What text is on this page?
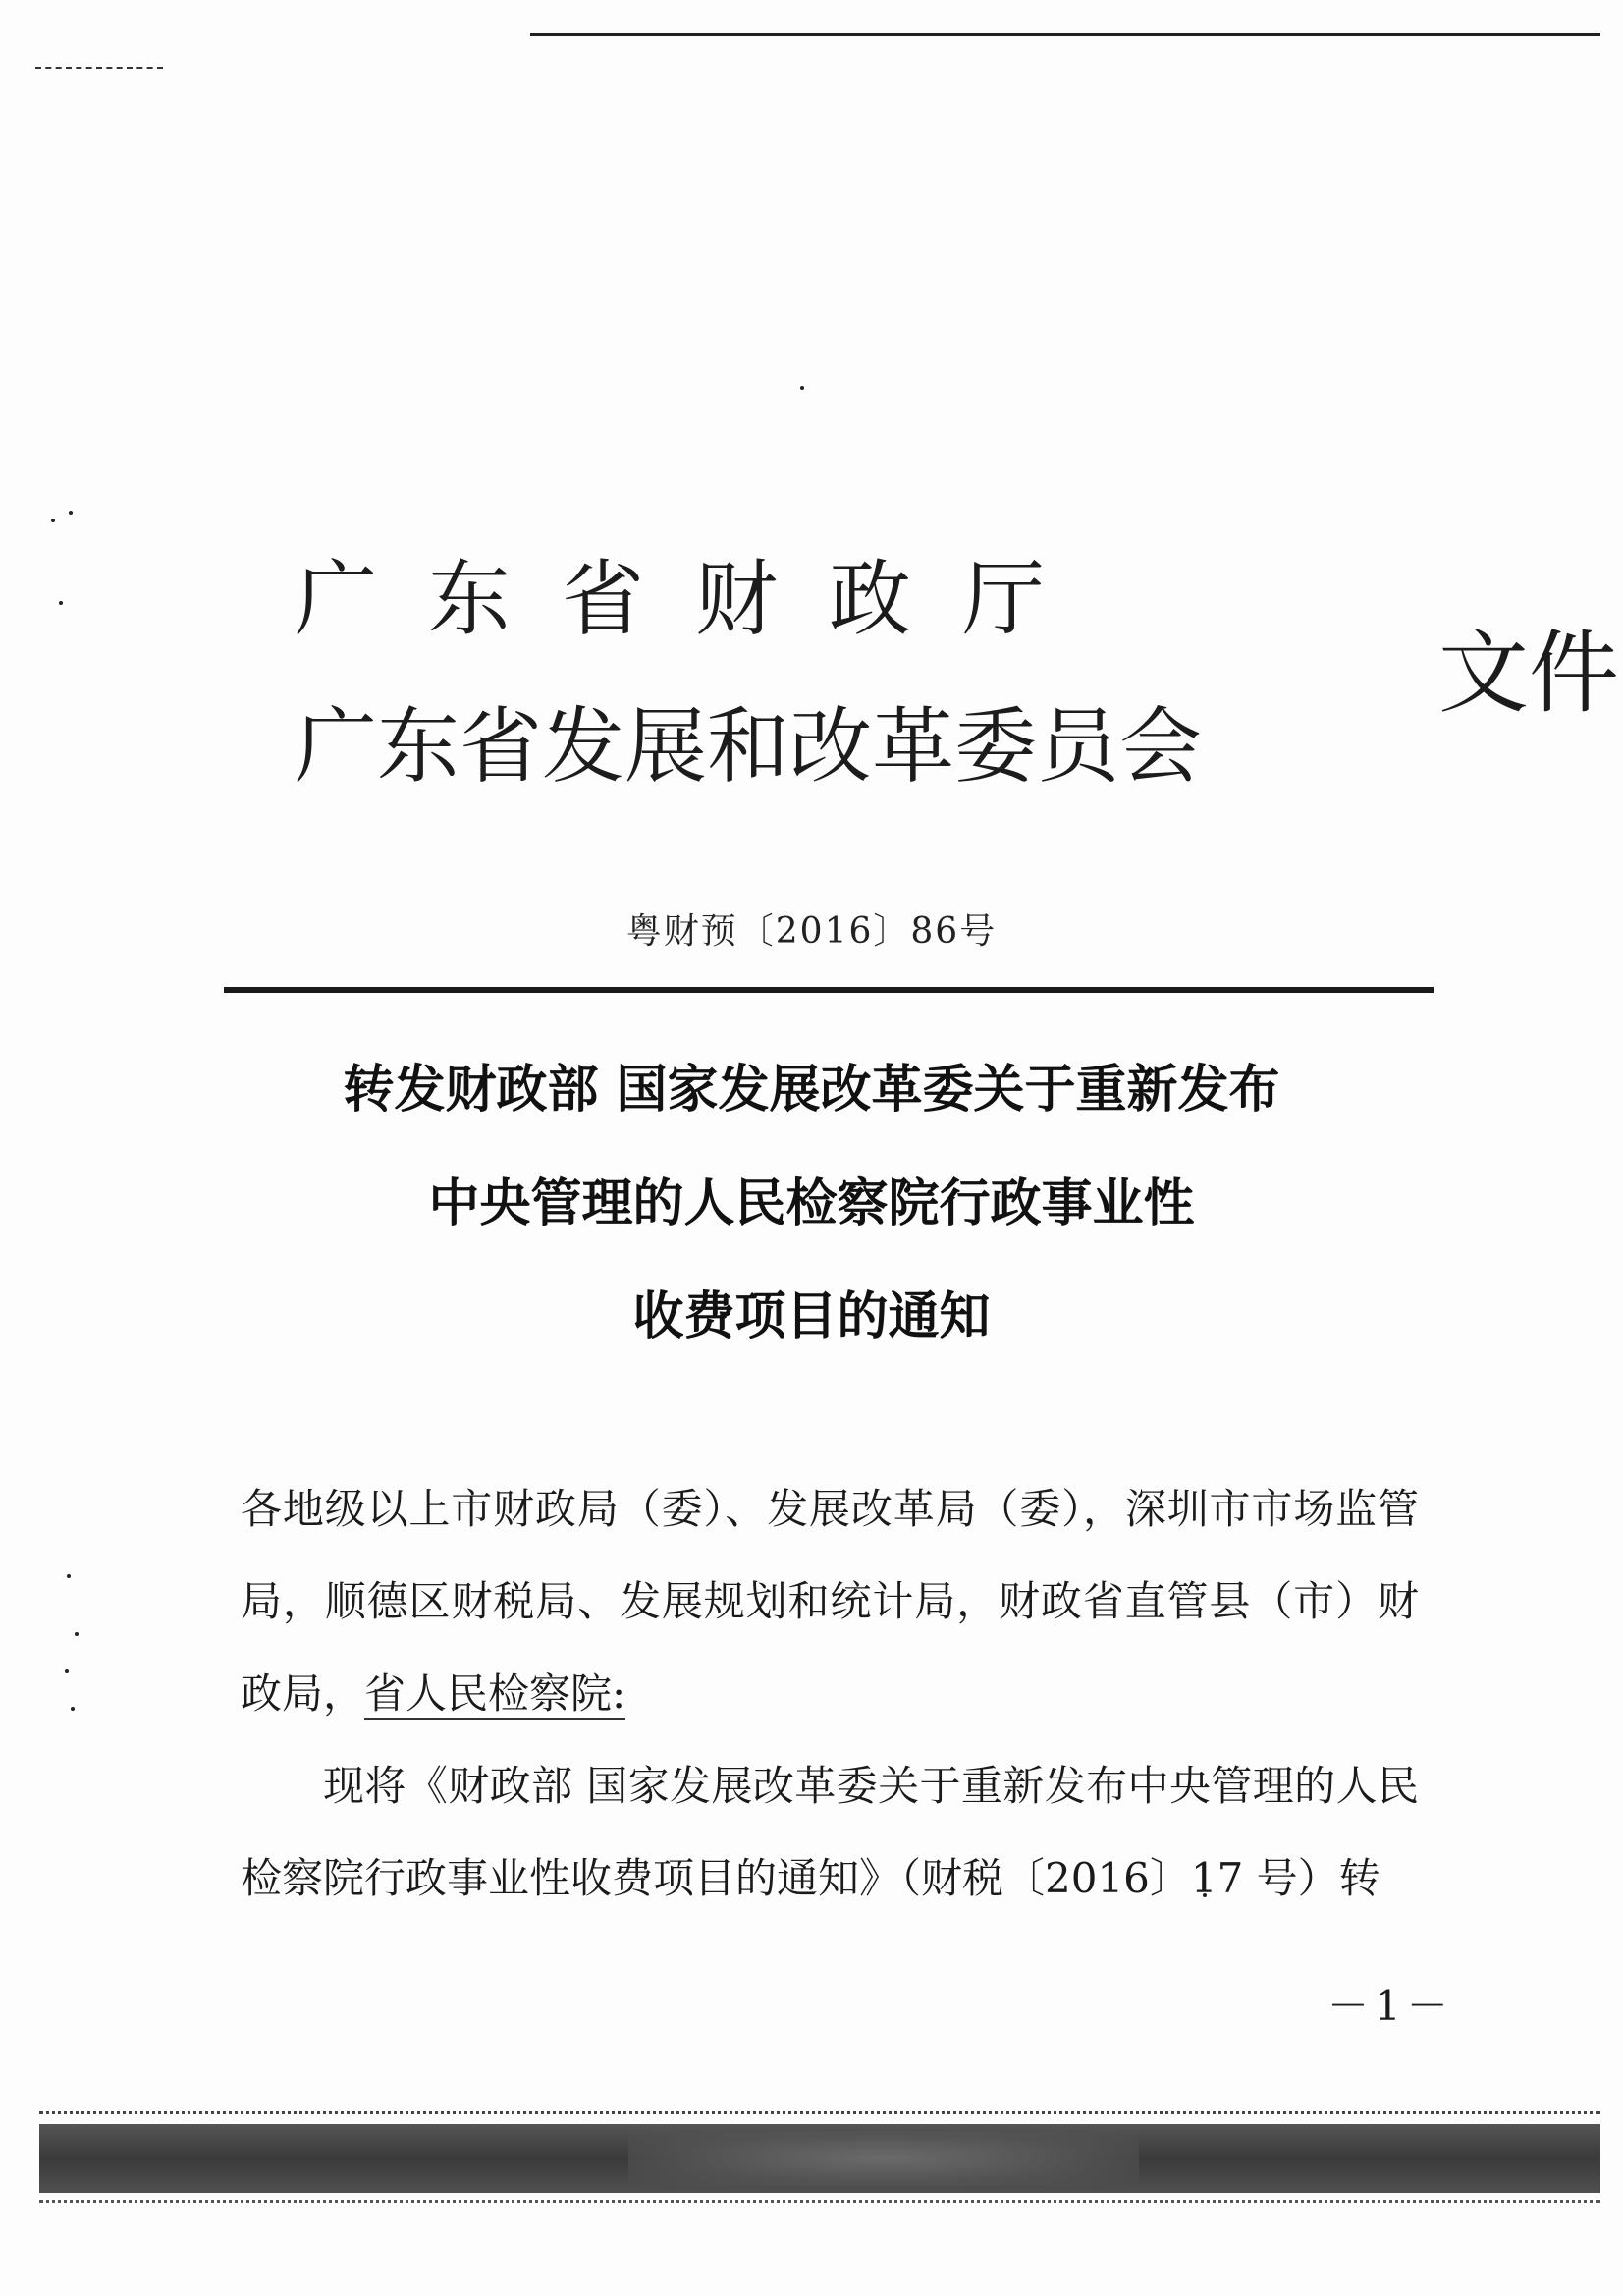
广东省财政厅
广东省发展和改革委员会
文件
粤财预〔2016〕86号
转发财政部 国家发展改革委关于重新发布
中央管理的人民检察院行政事业性
收费项目的通知

各地级以上市财政局（委）、发展改革局（委），深圳市市场监管局，顺德区财税局、发展规划和统计局，财政省直管县（市）财政局，省人民检察院:

现将《财政部 国家发展改革委关于重新发布中央管理的人民检察院行政事业性收费项目的通知》（财税〔2016〕17 号）转

－1－
